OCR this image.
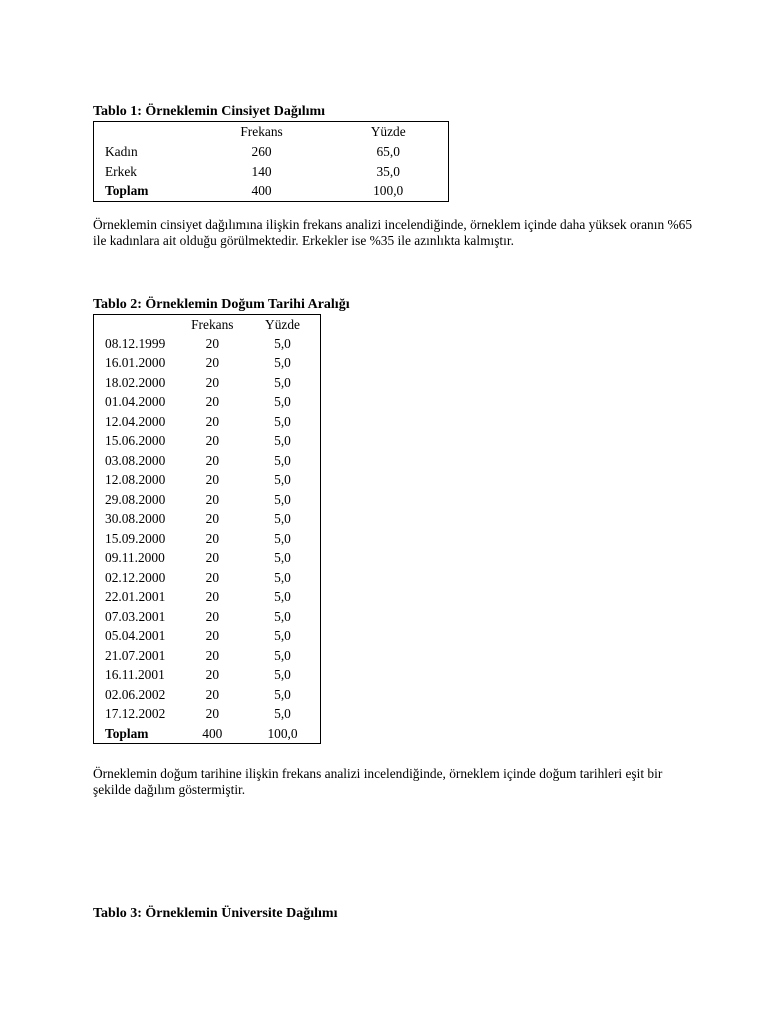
Tablo 1: Örneklemin Cinsiyet Dağılımı
	Frekans	Yüzde
Kadın	260	65,0
Erkek	140	35,0
Toplam	400	100,0
Örneklemin cinsiyet dağılımına ilişkin frekans analizi incelendiğinde, örneklem içinde daha yüksek oranın %65 ile kadınlara ait olduğu görülmektedir. Erkekler ise %35 ile azınlıkta kalmıştır.
Tablo 2: Örneklemin Doğum Tarihi Aralığı
	Frekans	Yüzde
08.12.1999	20	5,0
16.01.2000	20	5,0
18.02.2000	20	5,0
01.04.2000	20	5,0
12.04.2000	20	5,0
15.06.2000	20	5,0
03.08.2000	20	5,0
12.08.2000	20	5,0
29.08.2000	20	5,0
30.08.2000	20	5,0
15.09.2000	20	5,0
09.11.2000	20	5,0
02.12.2000	20	5,0
22.01.2001	20	5,0
07.03.2001	20	5,0
05.04.2001	20	5,0
21.07.2001	20	5,0
16.11.2001	20	5,0
02.06.2002	20	5,0
17.12.2002	20	5,0
Toplam	400	100,0
Örneklemin doğum tarihine ilişkin frekans analizi incelendiğinde, örneklem içinde doğum tarihleri eşit bir şekilde dağılım göstermiştir.
Tablo 3: Örneklemin Üniversite Dağılımı
